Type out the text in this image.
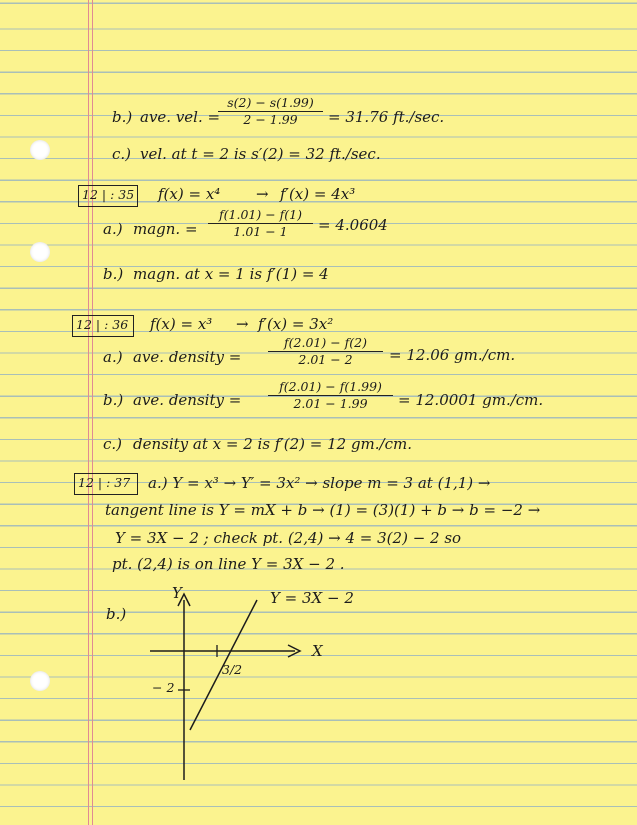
b.) ave. vel. =
s(2) − s(1.99)
2 − 1.99	= 31.76 ft./sec.
c.) vel. at t = 2 is s′(2) = 32 ft./sec.
12 | : 35 f(x) = x⁴ → f′(x) = 4x³
a.) magn. =
f(1.01) − f(1)
1.01 − 1	= 4.0604
b.) magn. at x = 1 is f′(1) = 4
12 | : 36 f(x) = x³ → f′(x) = 3x²
a.) ave. density =
f(2.01) − f(2)
2.01 − 2	= 12.06 gm./cm.
b.) ave. density =
f(2.01) − f(1.99)
2.01 − 1.99	= 12.0001 gm./cm.
c.) density at x = 2 is f′(2) = 12 gm./cm.
12 | : 37 a.) Y = x³ → Y′ = 3x² → slope m = 3 at (1,1) →
tangent line is Y = mX + b → (1) = (3)(1) + b → b = −2 →
Y = 3X − 2 ; check pt. (2,4) → 4 = 3(2) − 2 so
pt. (2,4) is on line Y = 3X − 2 .
b.)
Y
X
Y = 3X − 2
3/2
− 2
